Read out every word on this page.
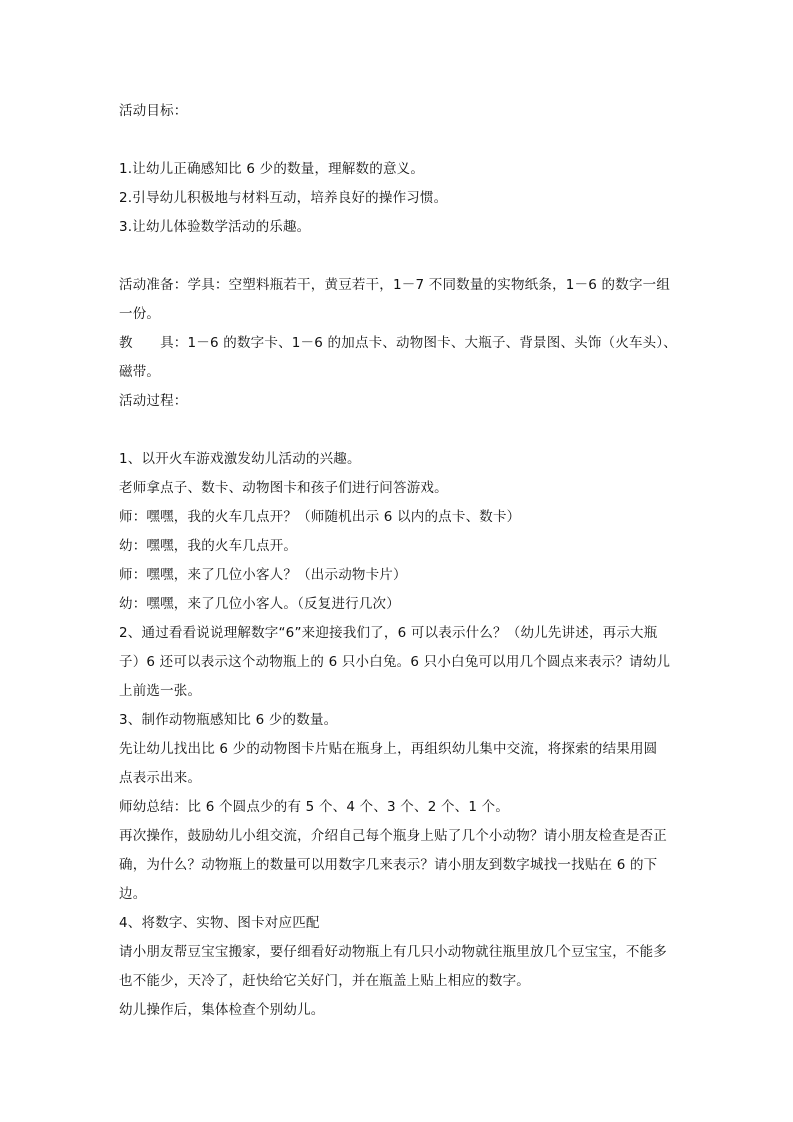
活动目标：
1.让幼儿正确感知比 6 少的数量，理解数的意义。
2.引导幼儿积极地与材料互动，培养良好的操作习惯。
3.让幼儿体验数学活动的乐趣。
活动准备：学具：空塑料瓶若干，黄豆若干，1－7 不同数量的实物纸条，1－6 的数字一组
一份。
教　　具：1－6 的数字卡、1－6 的加点卡、动物图卡、大瓶子、背景图、头饰（火车头）、
磁带。
活动过程：
1、以开火车游戏激发幼儿活动的兴趣。
老师拿点子、数卡、动物图卡和孩子们进行问答游戏。
师：嘿嘿，我的火车几点开？（师随机出示 6 以内的点卡、数卡）
幼：嘿嘿，我的火车几点开。
师：嘿嘿，来了几位小客人？（出示动物卡片）
幼：嘿嘿，来了几位小客人。（反复进行几次）
2、通过看看说说理解数字“6”来迎接我们了，6 可以表示什么？（幼儿先讲述，再示大瓶
子）6 还可以表示这个动物瓶上的 6 只小白兔。6 只小白兔可以用几个圆点来表示？请幼儿
上前选一张。
3、制作动物瓶感知比 6 少的数量。
先让幼儿找出比 6 少的动物图卡片贴在瓶身上，再组织幼儿集中交流，将探索的结果用圆
点表示出来。
师幼总结：比 6 个圆点少的有 5 个、4 个、3 个、2 个、1 个。
再次操作，鼓励幼儿小组交流，介绍自己每个瓶身上贴了几个小动物？请小朋友检查是否正
确，为什么？动物瓶上的数量可以用数字几来表示？请小朋友到数字城找一找贴在 6 的下
边。
4、将数字、实物、图卡对应匹配
请小朋友帮豆宝宝搬家，要仔细看好动物瓶上有几只小动物就往瓶里放几个豆宝宝，不能多
也不能少，天冷了，赶快给它关好门，并在瓶盖上贴上相应的数字。
幼儿操作后，集体检查个别幼儿。
